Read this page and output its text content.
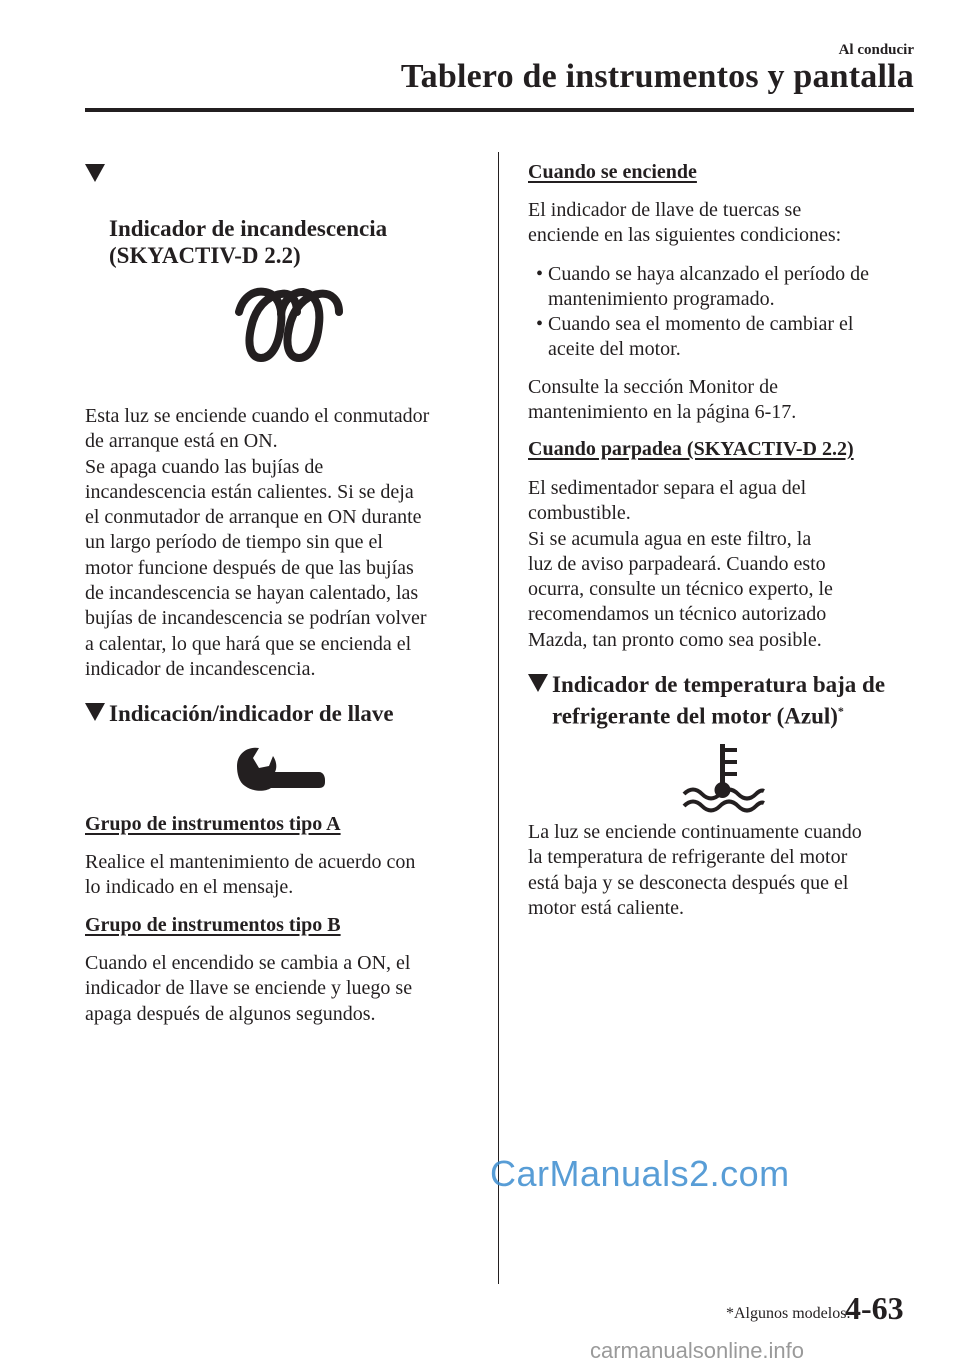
Al conducir
Tablero de instrumentos y pantalla

Indicador de incandescencia
(SKYACTIV-D 2.2)

Esta luz se enciende cuando el conmutador
de arranque está en ON.
Se apaga cuando las bujías de
incandescencia están calientes. Si se deja
el conmutador de arranque en ON durante
un largo período de tiempo sin que el
motor funcione después de que las bujías
de incandescencia se hayan calentado, las
bujías de incandescencia se podrían volver
a calentar, lo que hará que se encienda el
indicador de incandescencia.
Indicación/indicador de llave
Grupo de instrumentos tipo A
Realice el mantenimiento de acuerdo con
lo indicado en el mensaje.
Grupo de instrumentos tipo B
Cuando el encendido se cambia a ON, el
indicador de llave se enciende y luego se
apaga después de algunos segundos.
Cuando se enciende
El indicador de llave de tuercas se
enciende en las siguientes condiciones:
• Cuando se haya alcanzado el período de
mantenimiento programado.
• Cuando sea el momento de cambiar el
aceite del motor.
Consulte la sección Monitor de
mantenimiento en la página 6-17.
Cuando parpadea (SKYACTIV-D 2.2)
El sedimentador separa el agua del
combustible.
Si se acumula agua en este filtro, la
luz de aviso parpadeará. Cuando esto
ocurra, consulte un técnico experto, le
recomendamos un técnico autorizado
Mazda, tan pronto como sea posible.
Indicador de temperatura baja de
refrigerante del motor (Azul)*
La luz se enciende continuamente cuando
la temperatura de refrigerante del motor
está baja y se desconecta después que el
motor está caliente.
CarManuals2.com
*Algunos modelos.
4-63
carmanualsonline.info
